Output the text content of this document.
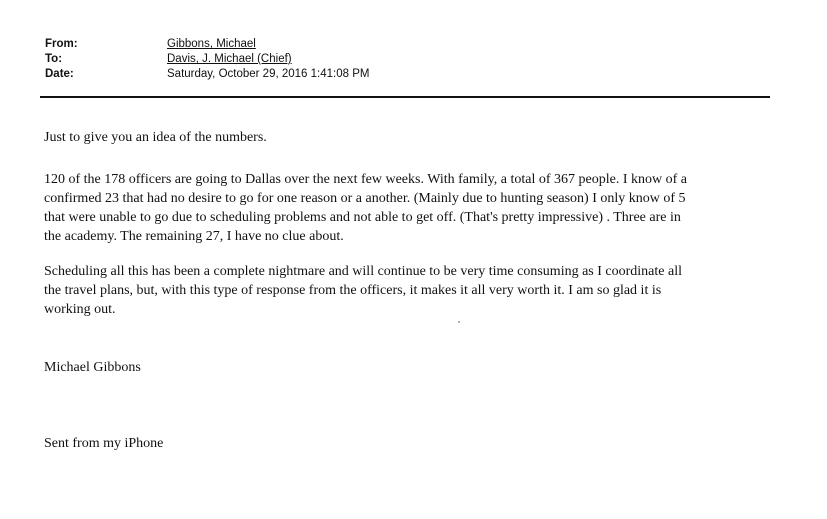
From:	Gibbons, Michael
To:	Davis, J. Michael (Chief)
Date:	Saturday, October 29, 2016 1:41:08 PM

Just to give you an idea of the numbers.

120 of the 178 officers are going to Dallas over the next few weeks. With family, a total of 367 people. I know of a
confirmed 23 that had no desire to go for one reason or a another. (Mainly due to hunting season) I only know of 5
that were unable to go due to scheduling problems and not able to get off. (That's pretty impressive) . Three are in
the academy. The remaining 27, I have no clue about.
Scheduling all this has been a complete nightmare and will continue to be very time consuming as I coordinate all
the travel plans, but, with this type of response from the officers, it makes it all very worth it. I am so glad it is
working out.
Michael Gibbons
Sent from my iPhone
